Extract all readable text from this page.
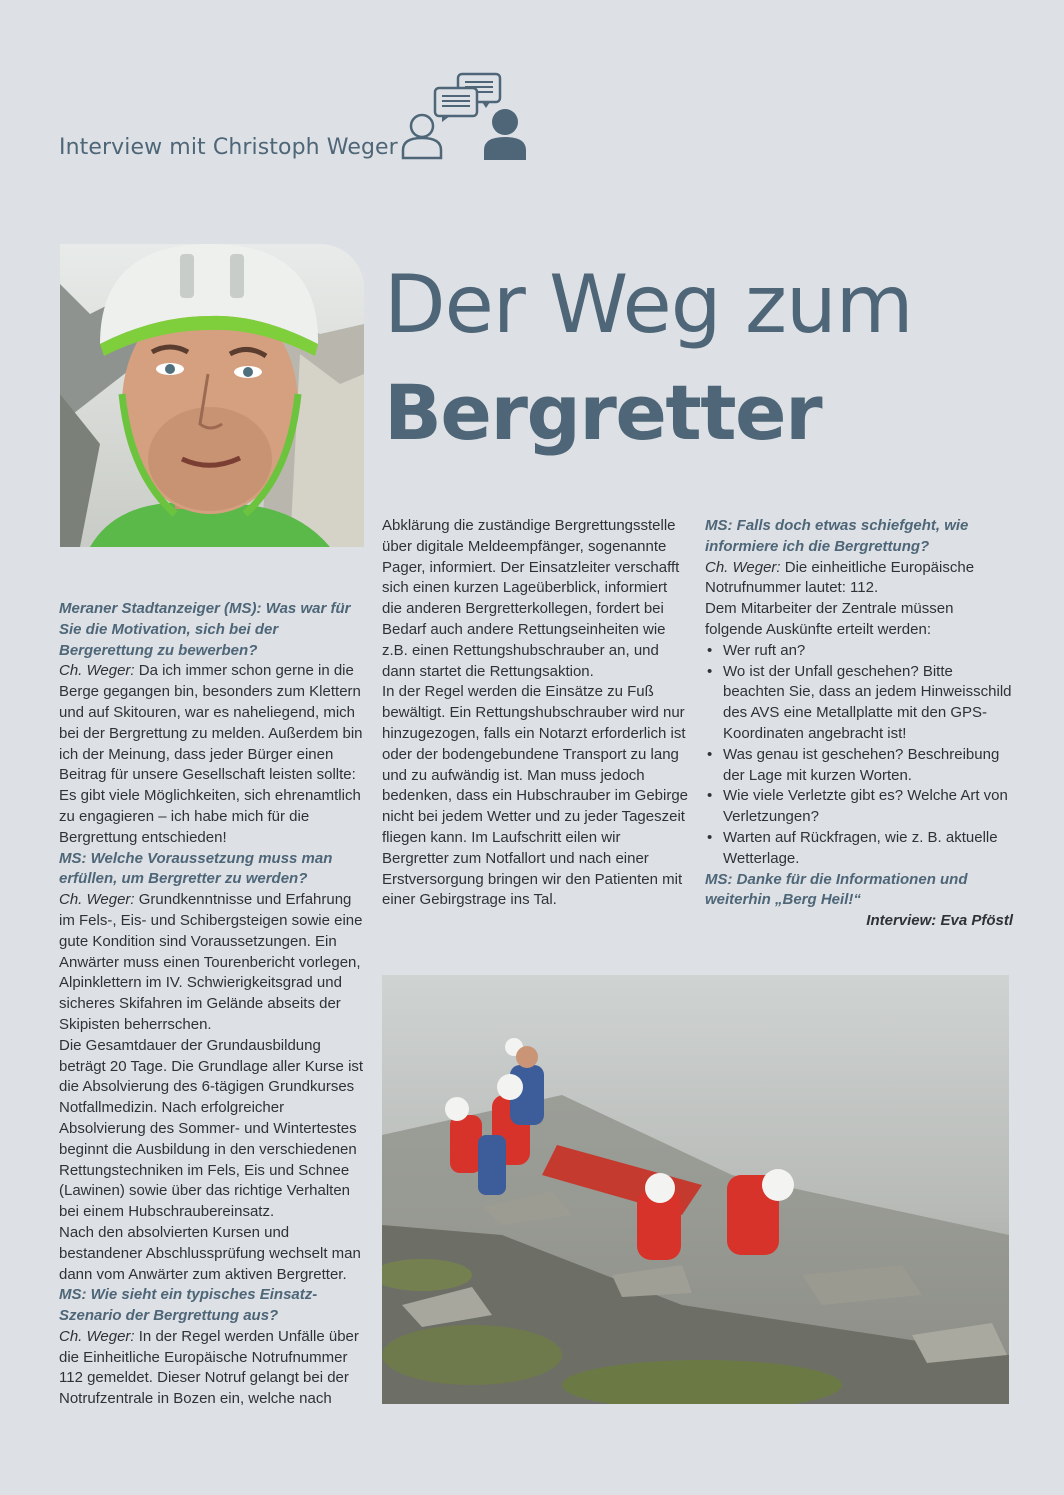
Interview mit Christoph Weger
Der Weg zum
Bergretter

Meraner Stadtanzeiger (MS): Was war für Sie die Motivation, sich bei der Bergerettung zu bewerben?

Ch. Weger: Da ich immer schon gerne in die Berge gegangen bin, besonders zum Klettern und auf Skitouren, war es naheliegend, mich bei der Bergrettung zu melden. Außerdem bin ich der Meinung, dass jeder Bürger einen Beitrag für unsere Gesellschaft leisten sollte: Es gibt viele Möglichkeiten, sich ehrenamtlich zu engagieren – ich habe mich für die Bergrettung entschieden!

MS: Welche Voraussetzung muss man erfüllen, um Bergretter zu werden?

Ch. Weger: Grundkenntnisse und Erfahrung im Fels-, Eis- und Schibergsteigen sowie eine gute Kondition sind Voraussetzungen. Ein Anwärter muss einen Tourenbericht vorlegen, Alpinklettern im IV. Schwierigkeitsgrad und sicheres Skifahren im Gelände abseits der Skipisten beherrschen.

Die Gesamtdauer der Grundausbildung beträgt 20 Tage. Die Grundlage aller Kurse ist die Absolvierung des 6-tägigen Grundkurses Notfallmedizin. Nach erfolgreicher Absolvierung des Sommer- und Wintertestes beginnt die Ausbildung in den verschiedenen Rettungstechniken im Fels, Eis und Schnee (Lawinen) sowie über das richtige Verhalten bei einem Hubschraubereinsatz.

Nach den absolvierten Kursen und bestandener Abschlussprüfung wechselt man dann vom Anwärter zum aktiven Bergretter.

MS: Wie sieht ein typisches Einsatz-Szenario der Bergrettung aus?

Ch. Weger: In der Regel werden Unfälle über die Einheitliche Europäische Notrufnummer 112 gemeldet. Dieser Notruf gelangt bei der Notrufzentrale in Bozen ein, welche nach

Abklärung die zuständige Bergrettungsstelle über digitale Meldeempfänger, sogenannte Pager, informiert. Der Einsatzleiter verschafft sich einen kurzen Lageüberblick, informiert die anderen Bergretterkollegen, fordert bei Bedarf auch andere Rettungseinheiten wie z.B. einen Rettungshubschrauber an, und dann startet die Rettungsaktion.

In der Regel werden die Einsätze zu Fuß bewältigt. Ein Rettungshubschrauber wird nur hinzugezogen, falls ein Notarzt erforderlich ist oder der bodengebundene Transport zu lang und zu aufwändig ist. Man muss jedoch bedenken, dass ein Hubschrauber im Gebirge nicht bei jedem Wetter und zu jeder Tageszeit fliegen kann. Im Laufschritt eilen wir Bergretter zum Notfallort und nach einer Erstversorgung bringen wir den Patienten mit einer Gebirgstrage ins Tal.

MS: Falls doch etwas schiefgeht, wie informiere ich die Bergrettung?

Ch. Weger: Die einheitliche Europäische Notrufnummer lautet: 112.

Dem Mitarbeiter der Zentrale müssen folgende Auskünfte erteilt werden:

• Wer ruft an?
• Wo ist der Unfall geschehen? Bitte beachten Sie, dass an jedem Hinweisschild des AVS eine Metallplatte mit den GPS-Koordinaten angebracht ist!
• Was genau ist geschehen? Beschreibung der Lage mit kurzen Worten.
• Wie viele Verletzte gibt es? Welche Art von Verletzungen?
• Warten auf Rückfragen, wie z. B. aktuelle Wetterlage.

MS: Danke für die Informationen und weiterhin „Berg Heil!“

Interview: Eva Pföstl
